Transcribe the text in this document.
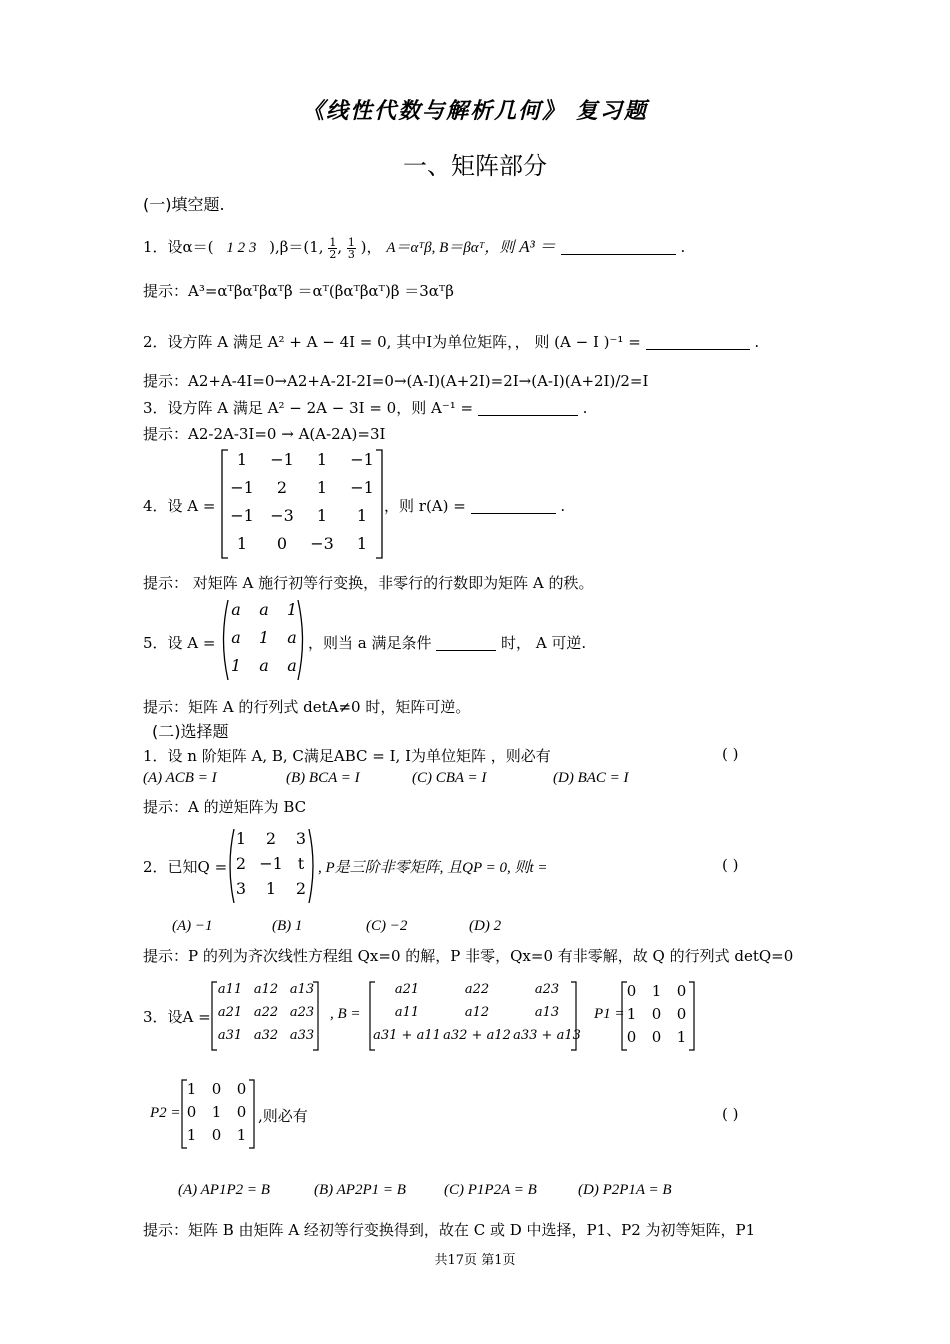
《线性代数与解析几何》 复习题
一、矩阵部分
(一)填空题.
1．设α＝( 1 2 3 ),β＝(1, $\frac{1}{2}$ , $\frac{1}{3}$ )， A＝αᵀβ, B＝βαᵀ，则 A³ ＝	.
提示：A³=αᵀβαᵀβαᵀβ ＝αᵀ(βαᵀβαᵀ)β ＝3αᵀβ
2．设方阵 A 满足 A² + A − 4I = 0, 其中I为单位矩阵，， 则 (A − I )⁻¹ =	.
提示：A2+A-4I=0→A2+A-2I-2I=0→(A-I)(A+2I)=2I→(A-I)(A+2I)/2=I
3．设方阵 A 满足 A² − 2A − 3I = 0，则 A⁻¹ =	.
提示：A2-2A-3I=0 → A(A-2A)=3I
4．设 A =
1	−1	1	−1
−1	2	1	−1
−1	−3	1	1
1	0	−3	1
，则 r(A) =	.
提示： 对矩阵 A 施行初等行变换，非零行的行数即为矩阵 A 的秩。
5．设 A =
a	a	1
a	1	a
1	a	a
，则当 a 满足条件	时， A 可逆.
提示：矩阵 A 的行列式 detA≠0 时，矩阵可逆。
(二)选择题
1．设 n 阶矩阵 A, B, C满足ABC = I, I为单位矩阵 ，则必有	( )
(A) ACB = I	(B) BCA = I	(C) CBA = I	(D) BAC = I
提示：A 的逆矩阵为 BC
2．已知Q =
1	2	3
2 −1 t
3	1	2
, P是三阶非零矩阵, 且QP = 0, 则t =	( )
(A) −1	(B) 1	(C) −2	(D) 2
提示：P 的列为齐次线性方程组 Qx=0 的解，P 非零，Qx=0 有非零解，故 Q 的行列式 detQ=0
3．设A =
a11 a12 a13
a21 a22 a23
a31 a32 a33
, B =
a21	a22	a23
a11	a12	a13
a31 + a11 a32 + a12 a33 + a13
P1 =
0	1	0
1	0	0
0	0	1
P2 =
1	0	0
0	1	0
1	0	1
,则必有	( )
(A) AP1P2 = B	(B) AP2P1 = B	(C) P1P2A = B	(D) P2P1A = B
提示：矩阵 B 由矩阵 A 经初等行变换得到，故在 C 或 D 中选择，P1、P2 为初等矩阵，P1
共17页 第1页
